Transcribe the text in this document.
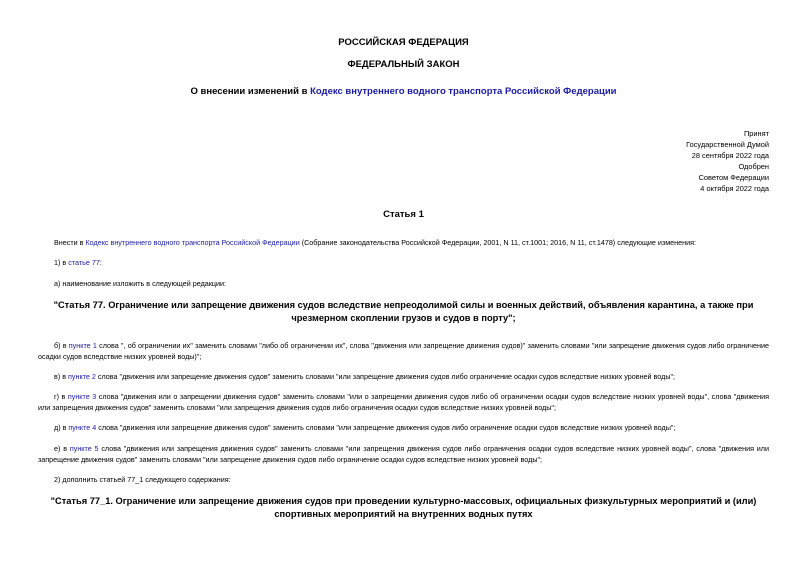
РОССИЙСКАЯ ФЕДЕРАЦИЯ
ФЕДЕРАЛЬНЫЙ ЗАКОН
О внесении изменений в Кодекс внутреннего водного транспорта Российской Федерации
Принят
Государственной Думой
28 сентября 2022 года
Одобрен
Советом Федерации
4 октября 2022 года
Статья 1
Внести в Кодекс внутреннего водного транспорта Российской Федерации (Собрание законодательства Российской Федерации, 2001, N 11, ст.1001; 2016, N 11, ст.1478) следующие изменения:
1) в статье 77:
а) наименование изложить в следующей редакции:
"Статья 77. Ограничение или запрещение движения судов вследствие непреодолимой силы и военных действий, объявления карантина, а также при чрезмерном скоплении грузов и судов в порту";
б) в пункте 1 слова ", об ограничении их" заменить словами "либо об ограничении их", слова "движения или запрещение движения судов)" заменить словами "или запрещение движения судов либо ограничение осадки судов вследствие низких уровней воды)";
в) в пункте 2 слова "движения или запрещение движения судов" заменить словами "или запрещение движения судов либо ограничение осадки судов вследствие низких уровней воды";
г) в пункте 3 слова "движения или о запрещении движения судов" заменить словами "или о запрещении движения судов либо об ограничении осадки судов вследствие низких уровней воды", слова "движения или запрещения движения судов" заменить словами "или запрещения движения судов либо ограничения осадки судов вследствие низких уровней воды";
д) в пункте 4 слова "движения или запрещение движения судов" заменить словами "или запрещение движения судов либо ограничение осадки судов вследствие низких уровней воды";
е) в пункте 5 слова "движения или запрещения движения судов" заменить словами "или запрещения движения судов либо ограничения осадки судов вследствие низких уровней воды", слова "движения или запрещение движения судов" заменить словами "или запрещение движения судов либо ограничение осадки судов вследствие низких уровней воды";
2) дополнить статьей 77_1 следующего содержания:
"Статья 77_1. Ограничение или запрещение движения судов при проведении культурно-массовых, официальных физкультурных мероприятий и (или) спортивных мероприятий на внутренних водных путях
